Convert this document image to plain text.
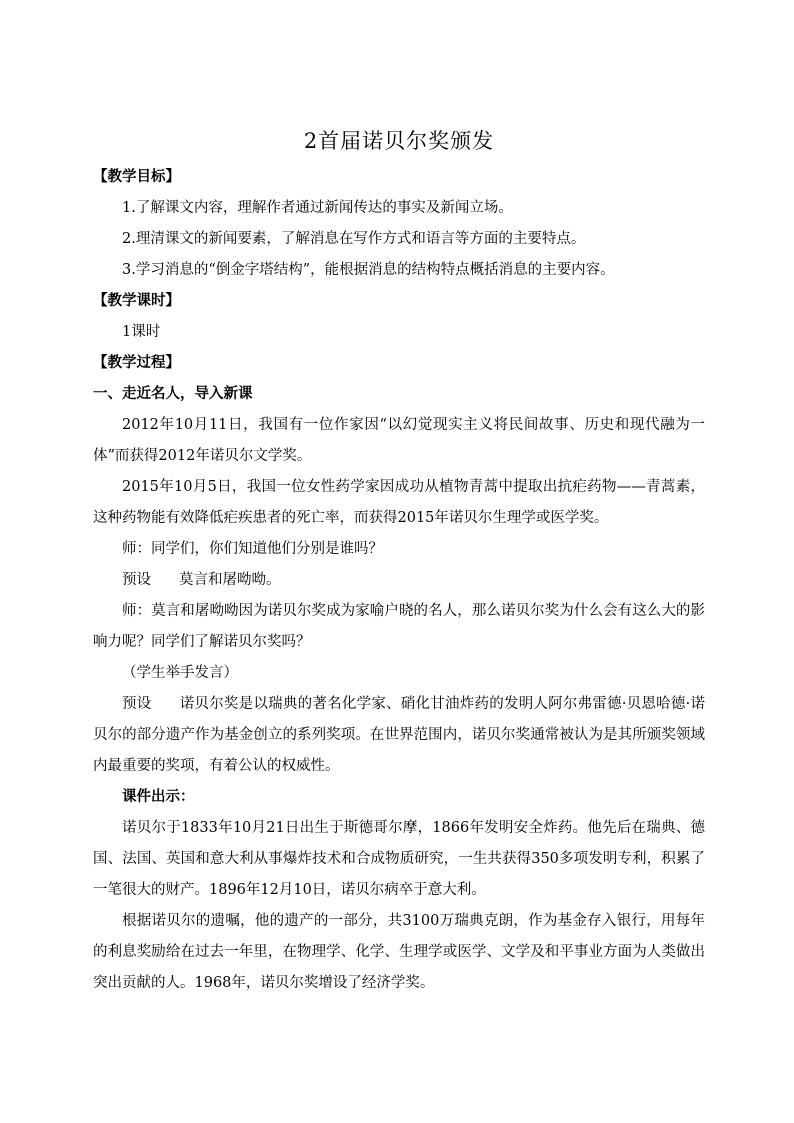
2首届诺贝尔奖颁发
【教学目标】

1.了解课文内容，理解作者通过新闻传达的事实及新闻立场。

2.理清课文的新闻要素，了解消息在写作方式和语言等方面的主要特点。

3.学习消息的“倒金字塔结构”，能根据消息的结构特点概括消息的主要内容。

【教学课时】

1课时

【教学过程】
一、走近名人，导入新课

2012年10月11日，我国有一位作家因“以幻觉现实主义将民间故事、历史和现代融为一体”而获得2012年诺贝尔文学奖。

2015年10月5日，我国一位女性药学家因成功从植物青蒿中提取出抗疟药物——青蒿素，这种药物能有效降低疟疾患者的死亡率，而获得2015年诺贝尔生理学或医学奖。

师：同学们，你们知道他们分别是谁吗？

预设 莫言和屠呦呦。

师：莫言和屠呦呦因为诺贝尔奖成为家喻户晓的名人，那么诺贝尔奖为什么会有这么大的影响力呢？同学们了解诺贝尔奖吗？

（学生举手发言）

预设 诺贝尔奖是以瑞典的著名化学家、硝化甘油炸药的发明人阿尔弗雷德·贝恩哈德·诺贝尔的部分遗产作为基金创立的系列奖项。在世界范围内，诺贝尔奖通常被认为是其所颁奖领域内最重要的奖项，有着公认的权威性。

课件出示：

诺贝尔于1833年10月21日出生于斯德哥尔摩，1866年发明安全炸药。他先后在瑞典、德国、法国、英国和意大利从事爆炸技术和合成物质研究，一生共获得350多项发明专利，积累了一笔很大的财产。1896年12月10日，诺贝尔病卒于意大利。

根据诺贝尔的遗嘱，他的遗产的一部分，共3100万瑞典克朗，作为基金存入银行，用每年的利息奖励给在过去一年里，在物理学、化学、生理学或医学、文学及和平事业方面为人类做出突出贡献的人。1968年，诺贝尔奖增设了经济学奖。
